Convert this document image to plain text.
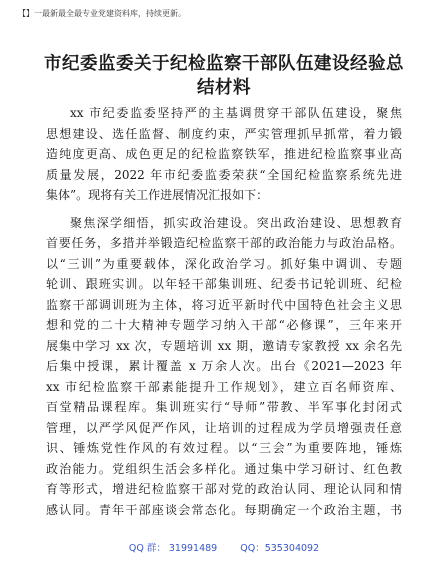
【】一最新最全最专业党建资料库，持续更新。
市纪委监委关于纪检监察干部队伍建设经验总
结材料
xx 市纪委监委坚持严的主基调贯穿干部队伍建设，聚焦
思想建设、选任监督、制度约束，严实管理抓早抓常，着力锻
造纯度更高、成色更足的纪检监察铁军，推进纪检监察事业高
质量发展，2022 年市纪委监委荣获“全国纪检监察系统先进
集体”。现将有关工作进展情况汇报如下：
聚焦深学细悟，抓实政治建设。突出政治建设、思想教育
首要任务，多措并举锻造纪检监察干部的政治能力与政治品格。
以“三训”为重要载体，深化政治学习。抓好集中调训、专题
轮训、跟班实训。以年轻干部集训班、纪委书记轮训班、纪检
监察干部调训班为主体，将习近平新时代中国特色社会主义思
想和党的二十大精神专题学习纳入干部“必修课”，三年来开
展集中学习 xx 次，专题培训 xx 期，邀请专家教授 xx 余名先
后集中授课，累计覆盖 x 万余人次。出台《2021—2023 年
xx 市纪检监察干部素能提升工作规划》，建立百名师资库、
百堂精品课程库。集训班实行“导师”带教、半军事化封闭式
管理，以严学风促严作风，让培训的过程成为学员增强责任意
识、锤炼党性作风的有效过程。以“三会”为重要阵地，锤炼
政治能力。党组织生活会多样化。通过集中学习研讨、红色教
育等形式，增进纪检监察干部对党的政治认同、理论认同和情
感认同。青年干部座谈会常态化。每期确定一个政治主题，书
QQ 群： 31991489 QQ：535304092
